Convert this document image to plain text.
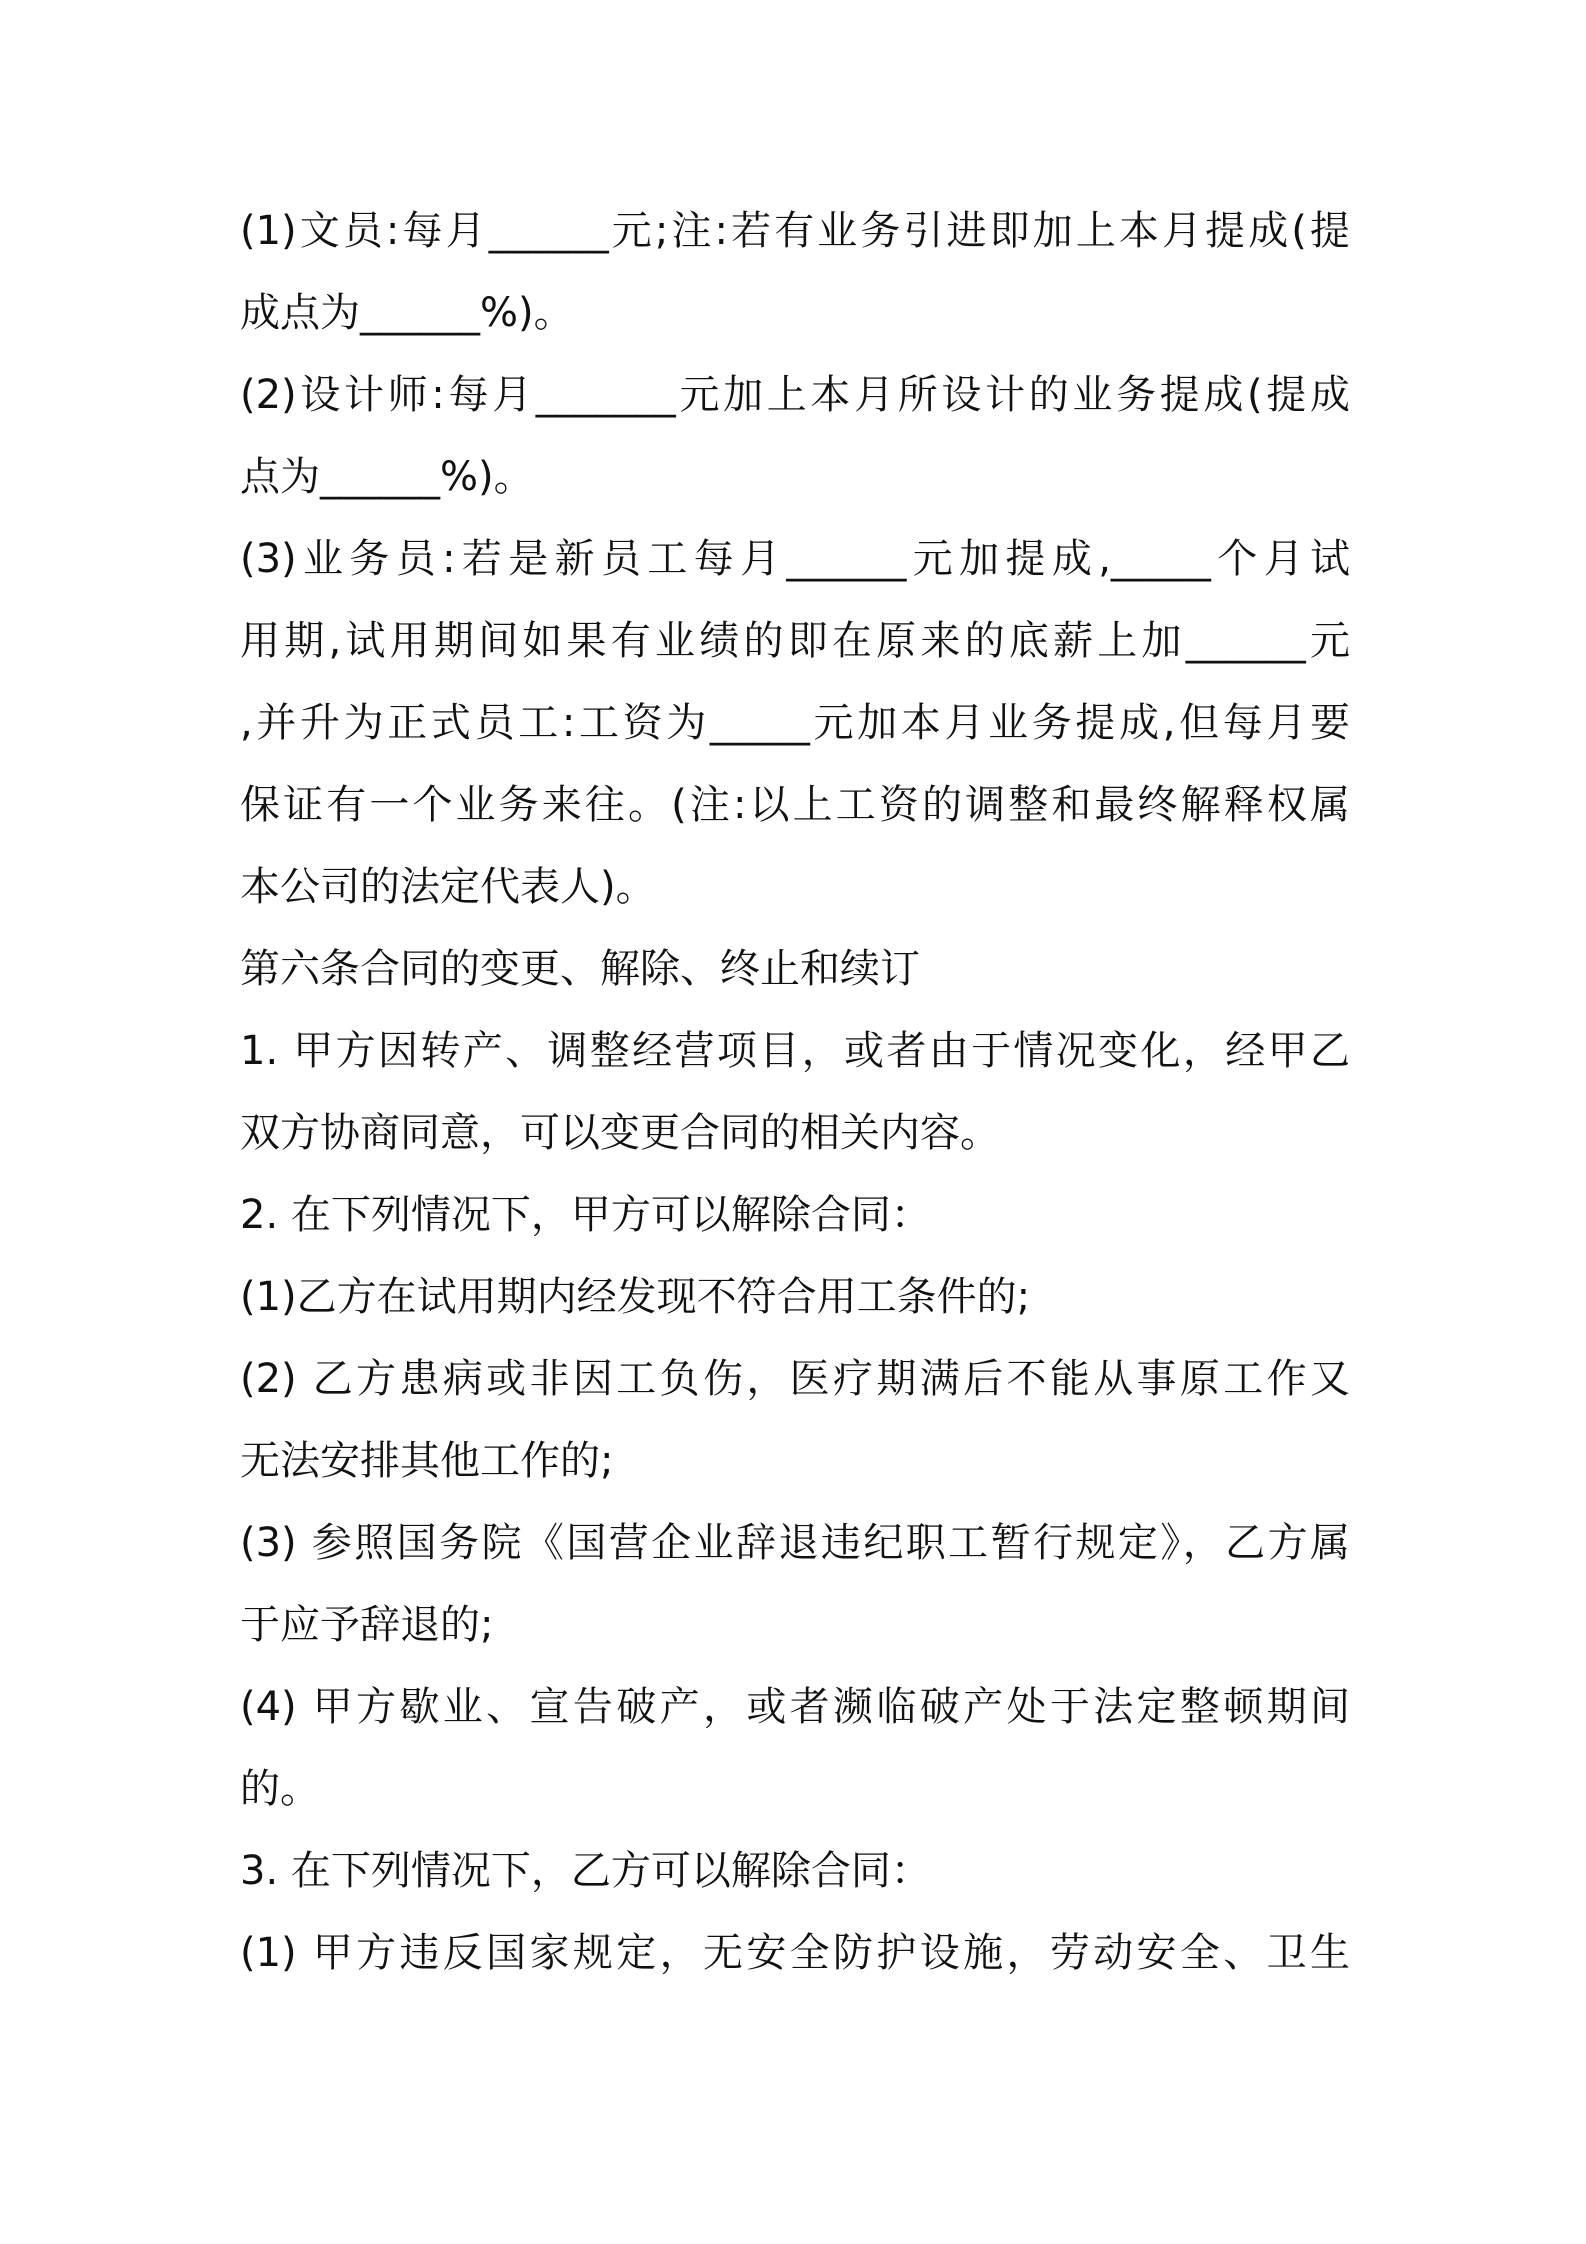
(1)文员:每月______元;注:若有业务引进即加上本月提成(提
成点为______%)。
(2)设计师:每月_______元加上本月所设计的业务提成(提成
点为______%)。
(3)业务员:若是新员工每月______元加提成,_____个月试
用期,试用期间如果有业绩的即在原来的底薪上加______元
,并升为正式员工:工资为_____元加本月业务提成,但每月要
保证有一个业务来往。(注:以上工资的调整和最终解释权属
本公司的法定代表人)。
第六条合同的变更、解除、终止和续订
1. 甲方因转产、调整经营项目，或者由于情况变化，经甲乙
双方协商同意，可以变更合同的相关内容。
2. 在下列情况下，甲方可以解除合同：
(1)乙方在试用期内经发现不符合用工条件的;
(2) 乙方患病或非因工负伤，医疗期满后不能从事原工作又
无法安排其他工作的;
(3) 参照国务院《国营企业辞退违纪职工暂行规定》，乙方属
于应予辞退的;
(4) 甲方歇业、宣告破产，或者濒临破产处于法定整顿期间
的。
3. 在下列情况下，乙方可以解除合同：
(1) 甲方违反国家规定，无安全防护设施，劳动安全、卫生
